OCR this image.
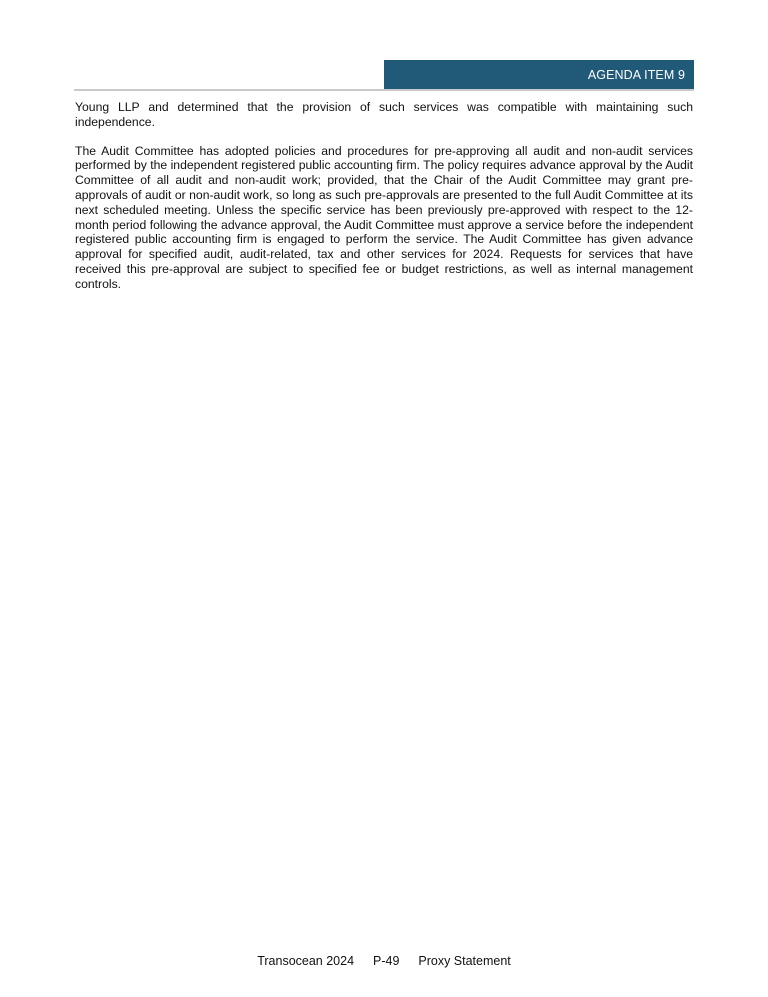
AGENDA ITEM 9

Young LLP and determined that the provision of such services was compatible with maintaining such independence.

The Audit Committee has adopted policies and procedures for pre-approving all audit and non-audit services performed by the independent registered public accounting firm. The policy requires advance approval by the Audit Committee of all audit and non-audit work; provided, that the Chair of the Audit Committee may grant pre-approvals of audit or non-audit work, so long as such pre-approvals are presented to the full Audit Committee at its next scheduled meeting. Unless the specific service has been previously pre-approved with respect to the 12-month period following the advance approval, the Audit Committee must approve a service before the independent registered public accounting firm is engaged to perform the service. The Audit Committee has given advance approval for specified audit, audit-related, tax and other services for 2024. Requests for services that have received this pre-approval are subject to specified fee or budget restrictions, as well as internal management controls.

Transocean 2024 P-49 Proxy Statement
